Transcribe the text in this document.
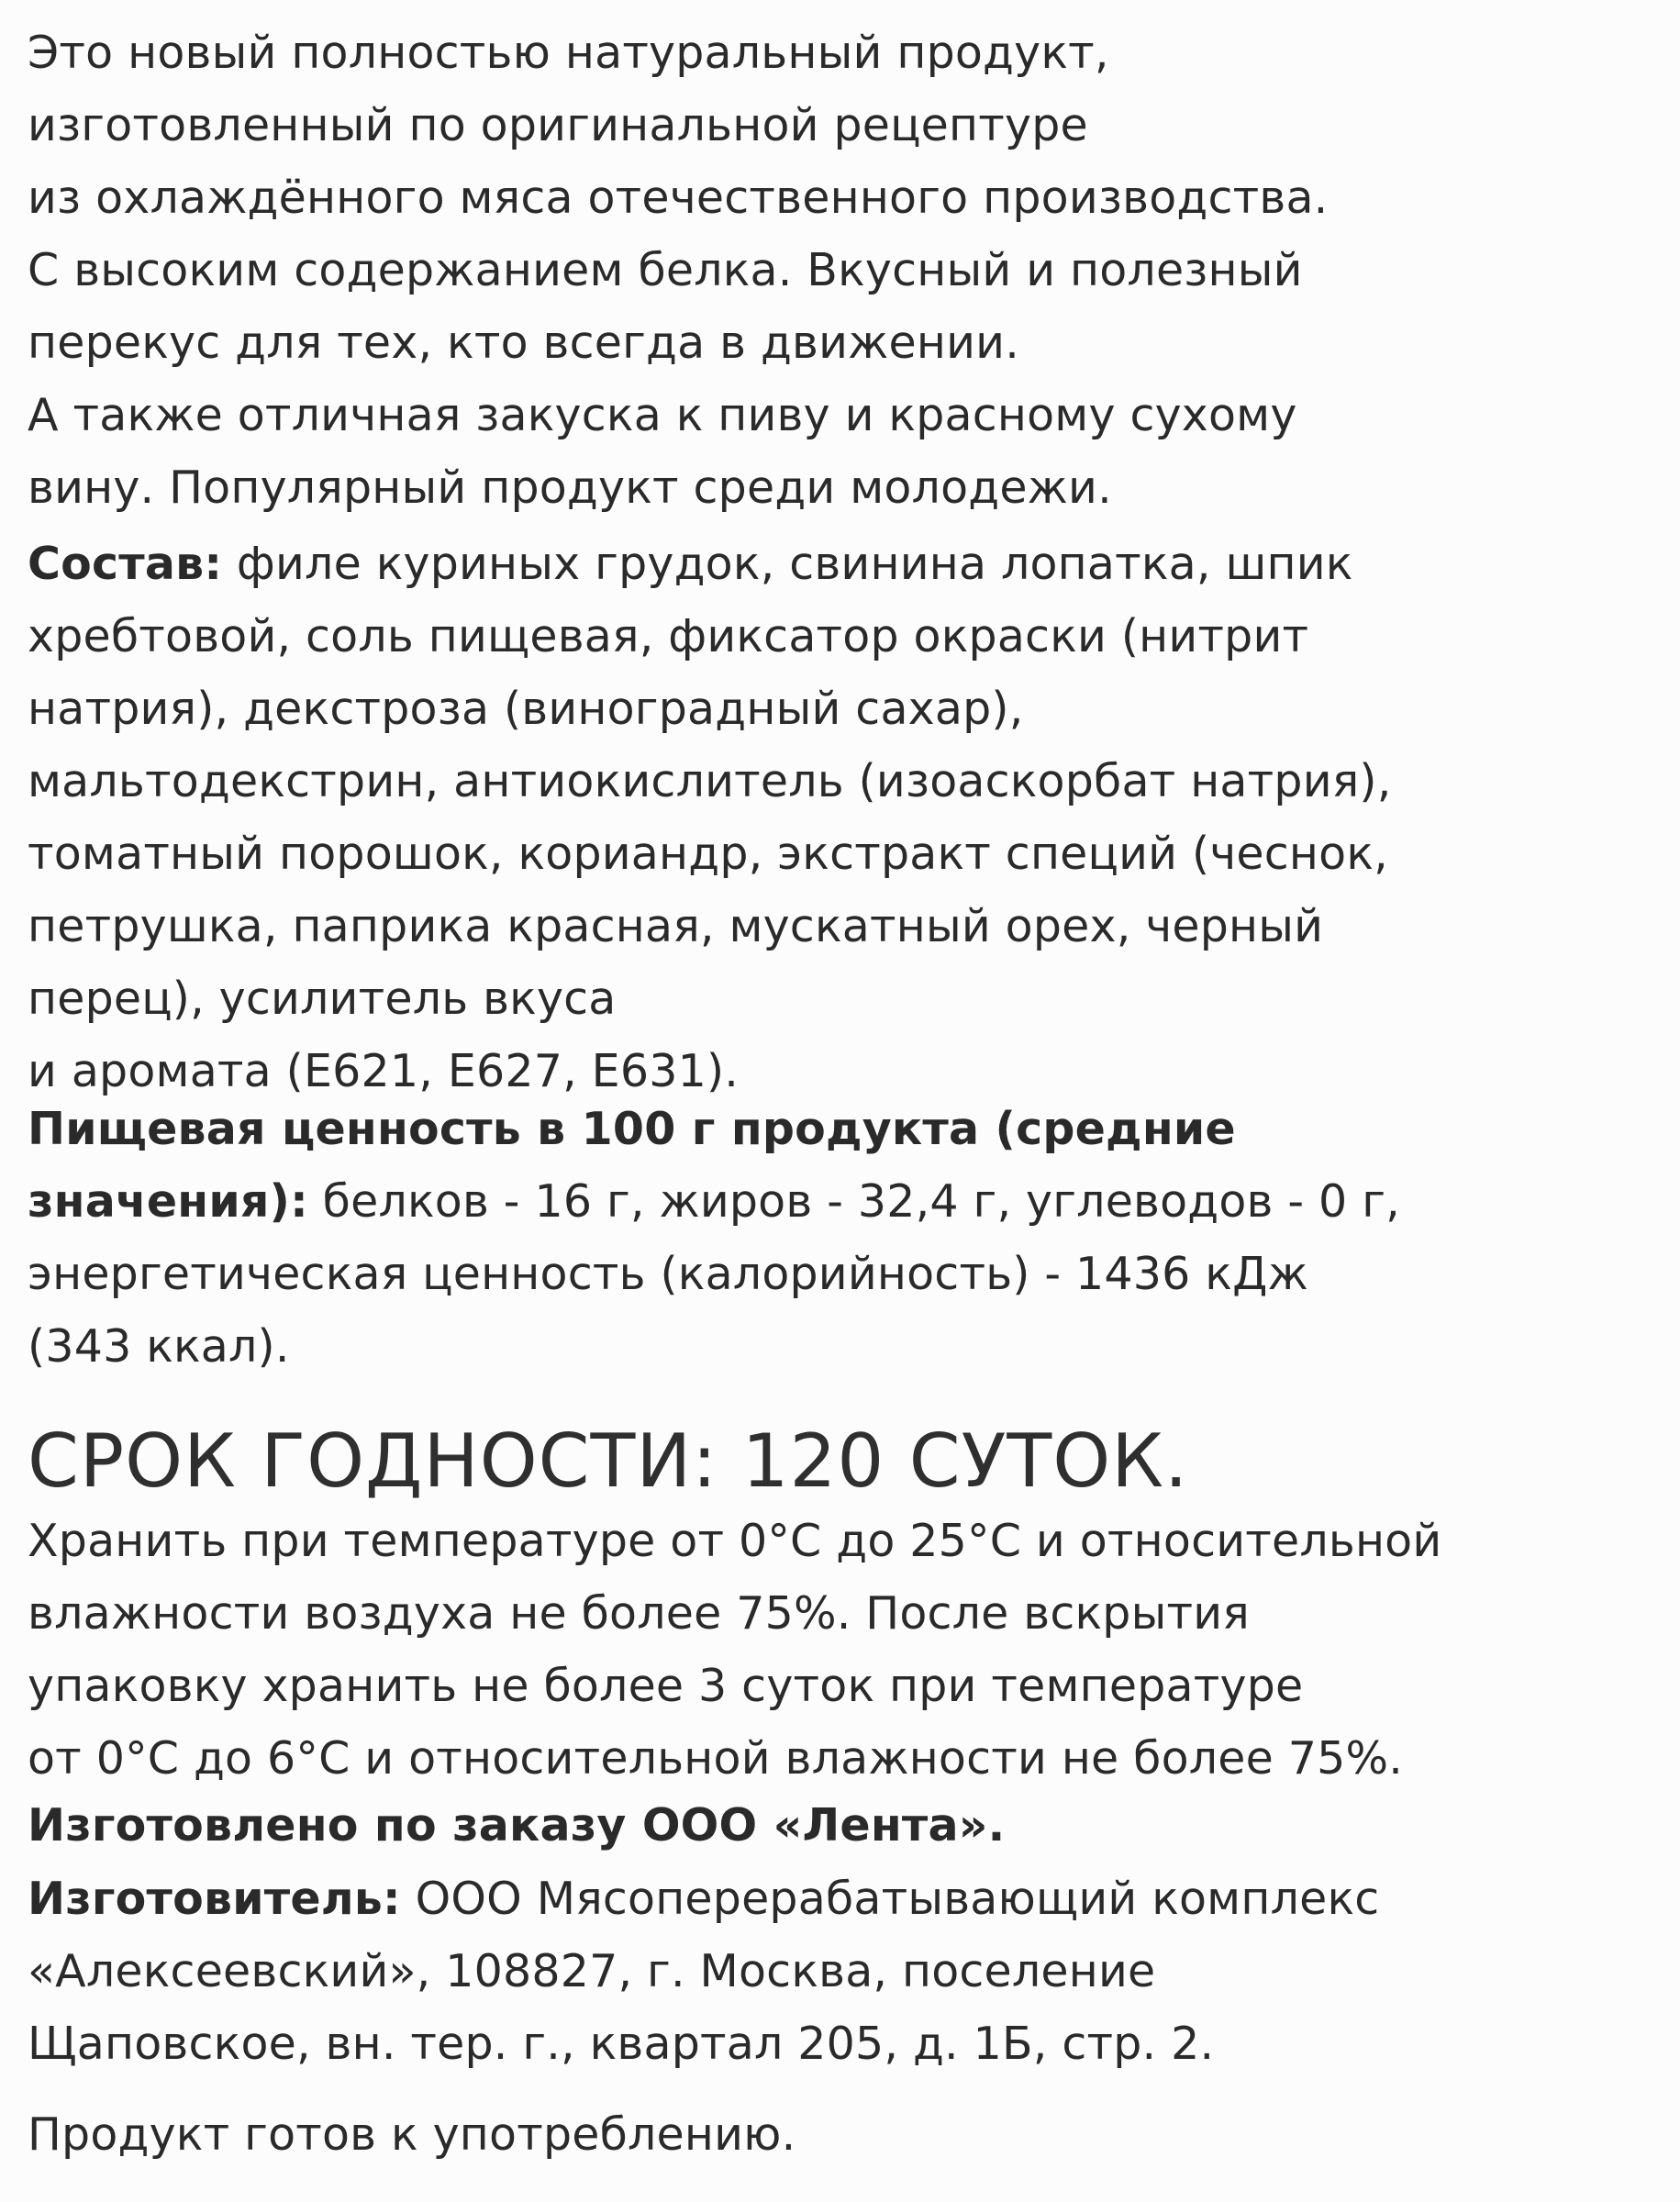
Это новый полностью натуральный продукт,
изготовленный по оригинальной рецептуре
из охлаждённого мяса отечественного производства.
С высоким содержанием белка. Вкусный и полезный
перекус для тех, кто всегда в движении.
А также отличная закуска к пиву и красному сухому
вину. Популярный продукт среди молодежи.

Состав: филе куриных грудок, свинина лопатка, шпик
хребтовой, соль пищевая, фиксатор окраски (нитрит
натрия), декстроза (виноградный сахар),
мальтодекстрин, антиокислитель (изоаскорбат натрия),
томатный порошок, кориандр, экстракт специй (чеснок,
петрушка, паприка красная, мускатный орех, черный
перец), усилитель вкуса
и аромата (Е621, Е627, Е631).

Пищевая ценность в 100 г продукта (средние
значения): белков - 16 г, жиров - 32,4 г, углеводов - 0 г,
энергетическая ценность (калорийность) - 1436 кДж
(343 ккал).

СРОК ГОДНОСТИ: 120 СУТОК.

Хранить при температуре от 0°С до 25°С и относительной
влажности воздуха не более 75%. После вскрытия
упаковку хранить не более 3 суток при температуре
от 0°С до 6°С и относительной влажности не более 75%.

Изготовлено по заказу ООО «Лента».

Изготовитель: ООО Мясоперерабатывающий комплекс
«Алексеевский», 108827, г. Москва, поселение
Щаповское, вн. тер. г., квартал 205, д. 1Б, стр. 2.

Продукт готов к употреблению.
